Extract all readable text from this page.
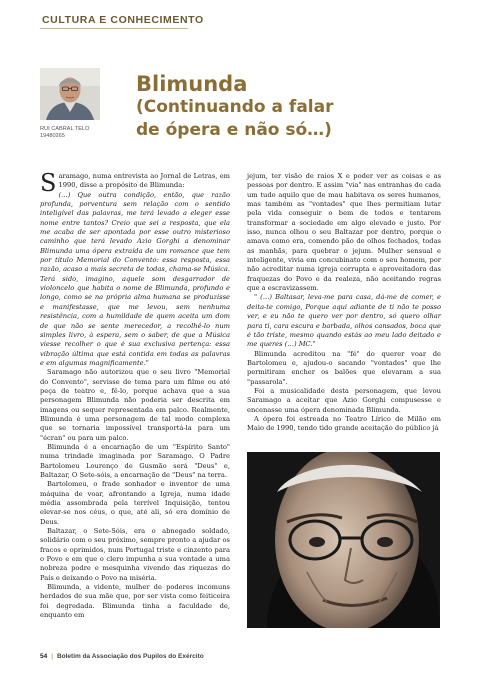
CULTURA E CONHECIMENTO
RUI CABRAL TELO
19480265
Blimunda
(Continuando a falar
de ópera e não só…)

Saramago, numa entrevista ao Jornal de Letras, em 1990, disse a propósito de Blimunda:

(…) Que outra condição, então, que razão profunda, porventura sem relação com o sentido inteligível das palavras, me terá levado a eleger esse nome entre tantos? Creio que sei a resposta, que ela me acaba de ser apontada por esse outro misterioso caminho que terá levado Azio Gorghi a denominar Blimunda uma ópera extraída de um romance que tem por título Memorial do Convento: essa resposta, essa razão, acaso a mais secreta de todas, chama-se Música. Terá sido, imagino, aquele som desgarrador de violoncelo que habita o nome de Blimunda, profundo e longo, como se na própria alma humana se produzisse e manifestasse, que me levou, sem nenhuma resistência, com a humildade de quem aceita um dom de que não se sente merecedor, a recolhê-lo num simples livro, à espera, sem o saber, de que a Música viesse recolher o que é sua exclusiva pertença: essa vibração última que está contida em todas as palavras e em algumas magnificamente."

Saramago não autorizou que o seu livro "Memorial do Convento", servisse de tema para um filme ou até peça de teatro e, fê-lo, porque achava que a sua personagem Blimunda não poderia ser descrita em imagens ou sequer representada em palco. Realmente, Blimunda é uma personagem de tal modo complexa que se tornaria impossível transportá-la para um "écran" ou para um palco.

Blimunda é a encarnação de um "Espírito Santo" numa trindade imaginada por Saramago. O Padre Bartolomeu Lourenço de Gusmão será "Deus" e, Baltazar, O Sete-sóis, a encarnação de "Deus" na terra.

Bartolomeu, o frade sonhador e inventor de uma máquina de voar, afrontando a Igreja, numa idade média assombrada pela terrível Inquisição, tentou elevar-se nos céus, o que, até ali, só era domínio de Deus.

Baltazar, o Sete-Sóis, era o abnegado soldado, solidário com o seu próximo, sempre pronto a ajudar os fracos e oprimidos, num Portugal triste e cinzento para o Povo e em que o clero impunha a sua vontade a uma nobreza podre e mesquinha vivendo das riquezas do País e deixando o Povo na miséria.

Blimunda, a vidente, mulher de poderes incomuns herdados de sua mãe que, por ser vista como feiticeira foi degredada. Blimunda tinha a faculdade de, enquanto em

jejum, ter visão de raios X e poder ver as coisas e as pessoas por dentro. E assim "via" nas entranhas de cada um tudo aquilo que de mau habitava os seres humanos, mas também as "vontades" que lhes permitiam lutar pela vida conseguir o bem de todos e tentarem transformar a sociedade em algo elevado e justo. Por isso, nunca olhou o seu Baltazar por dentro, porque o amava como era, comendo pão de olhos fechados, todas as manhãs, para quebrar o jejum. Mulher sensual e inteligente, vivia em concubinato com o seu homem, por não acreditar numa igreja corrupta e aproveitadora das fraquezas do Povo e da realeza, não aceitando regras que a escravizassem.

" (…) Baltasar, leva-me para casa, dá-me de comer, e deita-te comigo, Porque aqui adiante de ti não te posso ver, e eu não te quero ver por dentro, só quero olhar para ti, cara escura e barbada, olhos cansados, boca que é tão triste, mesmo quando estás ao meu lado deitado e me queres (…) MC."

Blimunda acreditou na "fé" do querer voar de Bartolomeu e, ajudou-o sacando "vontades" que lhe permitiram encher os balões que elevaram a sua "passarola".

Foi a musicalidade desta personagem, que levou Saramago a aceitar que Azio Gorghi compusesse e encenasse uma ópera denominada Blimunda.

A ópera foi estreada no Teatro Lírico de Milão em Maio de 1990, tendo tido grande aceitação do público já

54 | Boletim da Associação dos Pupilos do Exército
